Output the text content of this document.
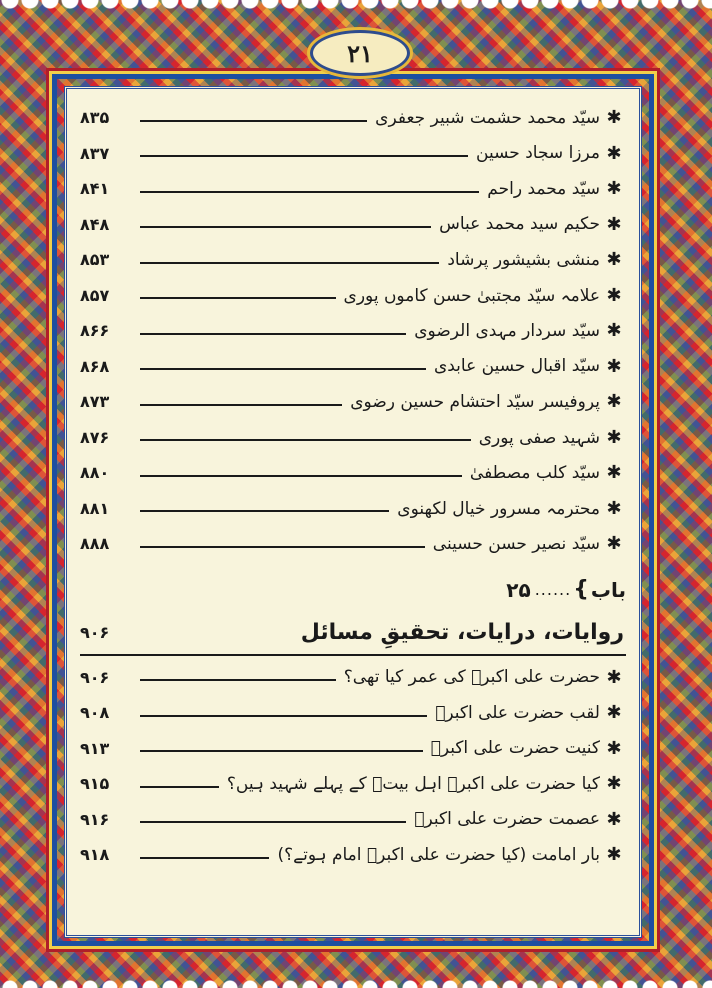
۲۱
✱
سیّد محمد حشمت شبیر جعفری
۸۳۵
✱
مرزا سجاد حسین
۸۳۷
✱
سیّد محمد راحم
۸۴۱
✱
حکیم سید محمد عباس
۸۴۸
✱
منشی بشیشور پرشاد
۸۵۳
✱
علامہ سیّد مجتبیٰ حسن کاموں پوری
۸۵۷
✱
سیّد سردار مہدی الرضوی
۸۶۶
✱
سیّد اقبال حسین عابدی
۸۶۸
✱
پروفیسر سیّد احتشام حسین رضوی
۸۷۳
✱
شہید صفی پوری
۸۷۶
✱
سیّد کلب مصطفیٰ
۸۸۰
✱
محترمہ مسرور خیال لکھنوی
۸۸۱
✱
سیّد نصیر حسن حسینی
۸۸۸
باب
}
......
۲۵
روایات، درایات، تحقیقِ مسائل
۹۰۶
✱
حضرت علی اکبرؑ کی عمر کیا تھی؟
۹۰۶
✱
لقب حضرت علی اکبرؑ
۹۰۸
✱
کنیت حضرت علی اکبرؑ
۹۱۳
✱
کیا حضرت علی اکبرؑ اہل بیتؑ کے پہلے شہید ہیں؟
۹۱۵
✱
عصمت حضرت علی اکبرؑ
۹۱۶
✱
بار امامت (کیا حضرت علی اکبرؑ امام ہوتے؟)
۹۱۸
